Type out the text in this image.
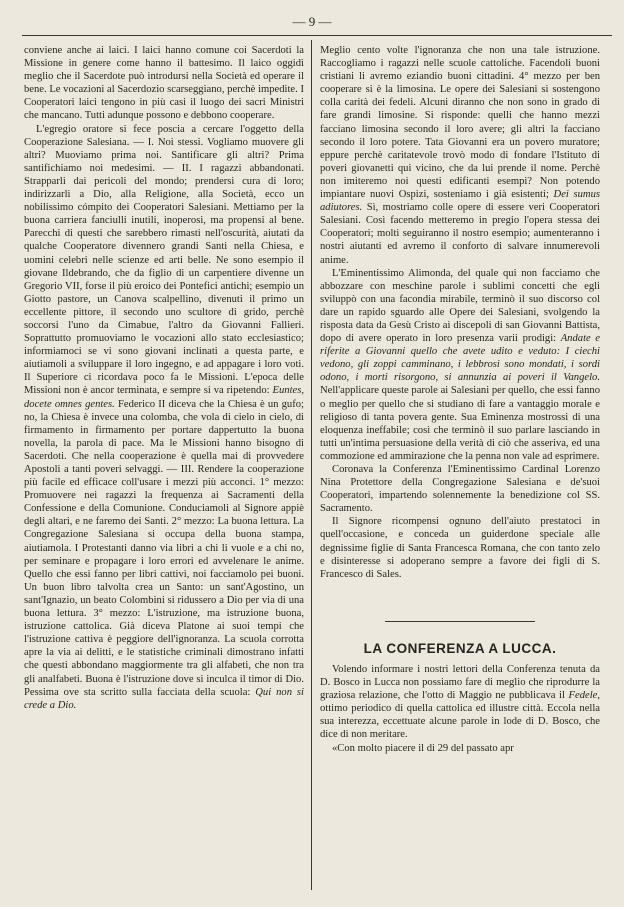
— 9 —

conviene anche ai laici. I laici hanno comune coi Sacerdoti la Missione in genere come hanno il battesimo. Il laico oggidì meglio che il Sacerdote può introdursi nella Società ed operare il bene. Le vocazioni al Sacerdozio scarseggiano, perchè impedite. I Cooperatori laici tengono in più casi il luogo dei sacri Ministri che mancano. Tutti adunque possono e debbono cooperare.

L'egregio oratore si fece poscia a cercare l'oggetto della Cooperazione Salesiana. — I. Noi stessi. Vogliamo muovere gli altri? Muoviamo prima noi. Santificare gli altri? Prima santifichiamo noi medesimi. — II. I ragazzi abbandonati. Strapparli dai pericoli del mondo; prendersi cura di loro; indirizzarli a Dio, alla Religione, alla Società, ecco un nobilissimo cómpito dei Cooperatori Salesiani. Mettiamo per la buona carriera fanciulli inutili, inoperosi, ma propensi al bene. Parecchi di questi che sarebbero rimasti nell'oscurità, aiutati da qualche Cooperatore divennero grandi Santi nella Chiesa, e uomini celebri nelle scienze ed arti belle. Ne sono esempio il giovane Ildebrando, che da figlio di un carpentiere divenne un Gregorio VII, forse il più eroico dei Pontefici antichi; esempio un Giotto pastore, un Canova scalpellino, divenuti il primo un eccellente pittore, il secondo uno scultore di grido, perchè soccorsi l'uno da Cimabue, l'altro da Giovanni Fallieri. Soprattutto promuoviamo le vocazioni allo stato ecclesiastico; informiamoci se vi sono giovani inclinati a questa parte, e aiutiamoli a sviluppare il loro ingegno, e ad appagare i loro voti. Il Superiore ci ricordava poco fa le Missioni. L'epoca delle Missioni non è ancor terminata, e sempre si va ripetendo: Euntes, docete omnes gentes. Federico II diceva che la Chiesa è un gufo; no, la Chiesa è invece una colomba, che vola di cielo in cielo, di firmamento in firmamento per portare dappertutto la buona novella, la parola di pace. Ma le Missioni hanno bisogno di Sacerdoti. Che nella cooperazione è quella mai di provvedere Apostoli a tanti poveri selvaggi. — III. Rendere la cooperazione più facile ed efficace coll'usare i mezzi più acconci. 1° mezzo: Promuovere nei ragazzi la frequenza ai Sacramenti della Confessione e della Comunione. Conduciamoli al Signore appiè degli altari, e ne faremo dei Santi. 2° mezzo: La buona lettura. La Congregazione Salesiana si occupa della buona stampa, aiutiamola. I Protestanti danno via libri a chi li vuole e a chi no, per seminare e propagare i loro errori ed avvelenare le anime. Quello che essi fanno per libri cattivi, noi facciamolo pei buoni. Un buon libro talvolta crea un Santo: un sant'Agostino, un sant'Ignazio, un beato Colombini si ridussero a Dio per via di una buona lettura. 3° mezzo: L'istruzione, ma istruzione buona, istruzione cattolica. Già diceva Platone ai suoi tempi che l'istruzione cattiva è peggiore dell'ignoranza. La scuola corrotta apre la via ai delitti, e le statistiche criminali dimostrano infatti che questi abbondano maggiormente tra gli alfabeti, che non tra gli analfabeti. Buona è l'istruzione dove si inculca il timor di Dio. Pessima ove sta scritto sulla facciata della scuola: Qui non si crede a Dio.

Meglio cento volte l'ignoranza che non una tale istruzione. Raccogliamo i ragazzi nelle scuole cattoliche. Facendoli buoni cristiani li avremo eziandio buoni cittadini. 4° mezzo per ben cooperare si è la limosina. Le opere dei Salesiani si sostengono colla carità dei fedeli. Alcuni diranno che non sono in grado di fare grandi limosine. Si risponde: quelli che hanno mezzi facciano limosina secondo il loro avere; gli altri la facciano secondo il loro potere. Tata Giovanni era un povero muratore; eppure perchè caritatevole trovò modo di fondare l'Istituto di poveri giovanetti qui vicino, che da lui prende il nome. Perchè non imiteremo noi questi edificanti esempi? Non potendo impiantare nuovi Ospizi, sosteniamo i già esistenti; Dei sumus adiutores. Sì, mostriamo colle opere di essere veri Cooperatori Salesiani. Così facendo metteremo in pregio l'opera stessa dei Cooperatori; molti seguiranno il nostro esempio; aumenteranno i nostri aiutanti ed avremo il conforto di salvare innumerevoli anime.

L'Eminentissimo Alimonda, del quale qui non facciamo che abbozzare con meschine parole i sublimi concetti che egli sviluppò con una facondia mirabile, terminò il suo discorso col dare un rapido sguardo alle Opere dei Salesiani, svolgendo la risposta data da Gesù Cristo ai discepoli di san Giovanni Battista, dopo di avere operato in loro presenza varii prodigi: Andate e riferite a Giovanni quello che avete udito e veduto: I ciechi vedono, gli zoppi camminano, i lebbrosi sono mondati, i sordi odono, i morti risorgono, si annunzia ai poveri il Vangelo. Nell'applicare queste parole ai Salesiani per quello, che essi fanno o meglio per quello che si studiano di fare a vantaggio morale e religioso di tanta povera gente. Sua Eminenza mostrossi di una eloquenza ineffabile; così che terminò il suo parlare lasciando in tutti un'intima persuasione della verità di ciò che asseriva, ed una commozione ed ammirazione che la penna non vale ad esprimere.

Coronava la Conferenza l'Eminentissimo Cardinal Lorenzo Nina Protettore della Congregazione Salesiana e de'suoi Cooperatori, impartendo solennemente la benedizione col SS. Sacramento.

Il Signore ricompensi ognuno dell'aiuto prestatoci in quell'occasione, e conceda un guiderdone speciale alle degnissime figlie di Santa Francesca Romana, che con tanto zelo e disinteresse si adoperano sempre a favore dei figli di S. Francesco di Sales.

LA CONFERENZA A LUCCA.

Volendo informare i nostri lettori della Conferenza tenuta da D. Bosco in Lucca non possiamo fare di meglio che riprodurre la graziosa relazione, che l'otto di Maggio ne pubblicava il Fedele, ottimo periodico di quella cattolica ed illustre città. Eccola nella sua interezza, eccettuate alcune parole in lode di D. Bosco, che dice di non meritare.

«Con molto piacere il di 29 del passato apr
